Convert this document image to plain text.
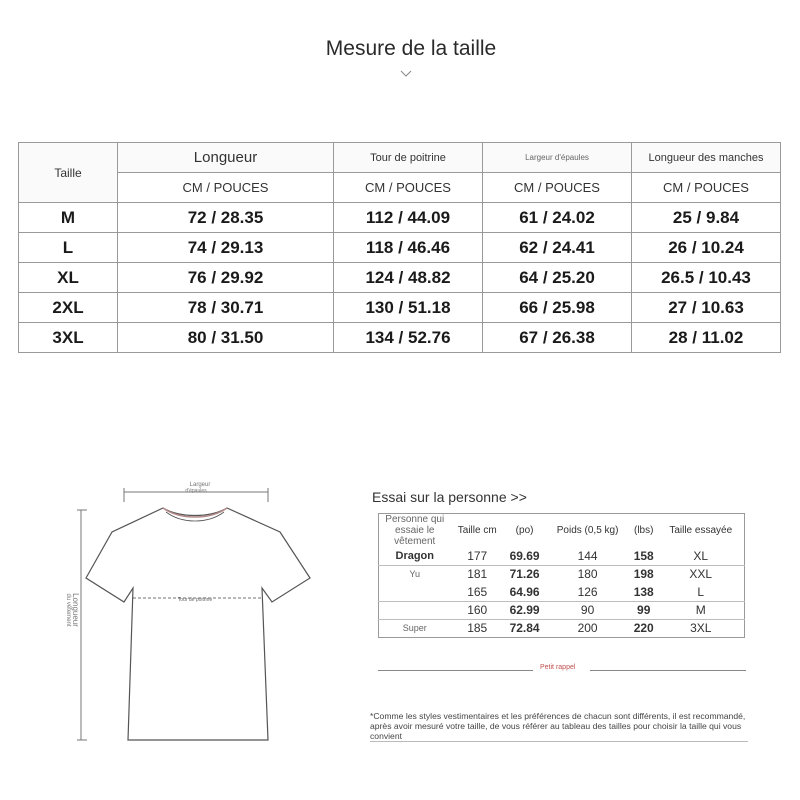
Mesure de la taille
Taille	Longueur	Tour de poitrine	Largeur d'épaules	Longueur des manches
	CM / POUCES	CM / POUCES	CM / POUCES	CM / POUCES
M	72 / 28.35	112 / 44.09	61 / 24.02	25 / 9.84
L	74 / 29.13	118 / 46.46	62 / 24.41	26 / 10.24
XL	76 / 29.92	124 / 48.82	64 / 25.20	26.5 / 10.43
2XL	78 / 30.71	130 / 51.18	66 / 25.98	27 / 10.63
3XL	80 / 31.50	134 / 52.76	67 / 26.38	28 / 11.02
Largeur
d'épaules
du vêtement Longueur	Tour de poitrine
Essai sur la personne >>
Personne qui essaie le vêtement	Taille cm	(po)	Poids (0,5 kg)	(lbs)	Taille essayée
Dragon	177	69.69	144	158	XL
Yu	181	71.26	180	198	XXL
	165	64.96	126	138	L
	160	62.99	90	99	M
Super	185	72.84	200	220	3XL
Petit rappel
*Comme les styles vestimentaires et les préférences de chacun sont différents, il est recommandé, après avoir mesuré votre taille, de vous référer au tableau des tailles pour choisir la taille qui vous convient
